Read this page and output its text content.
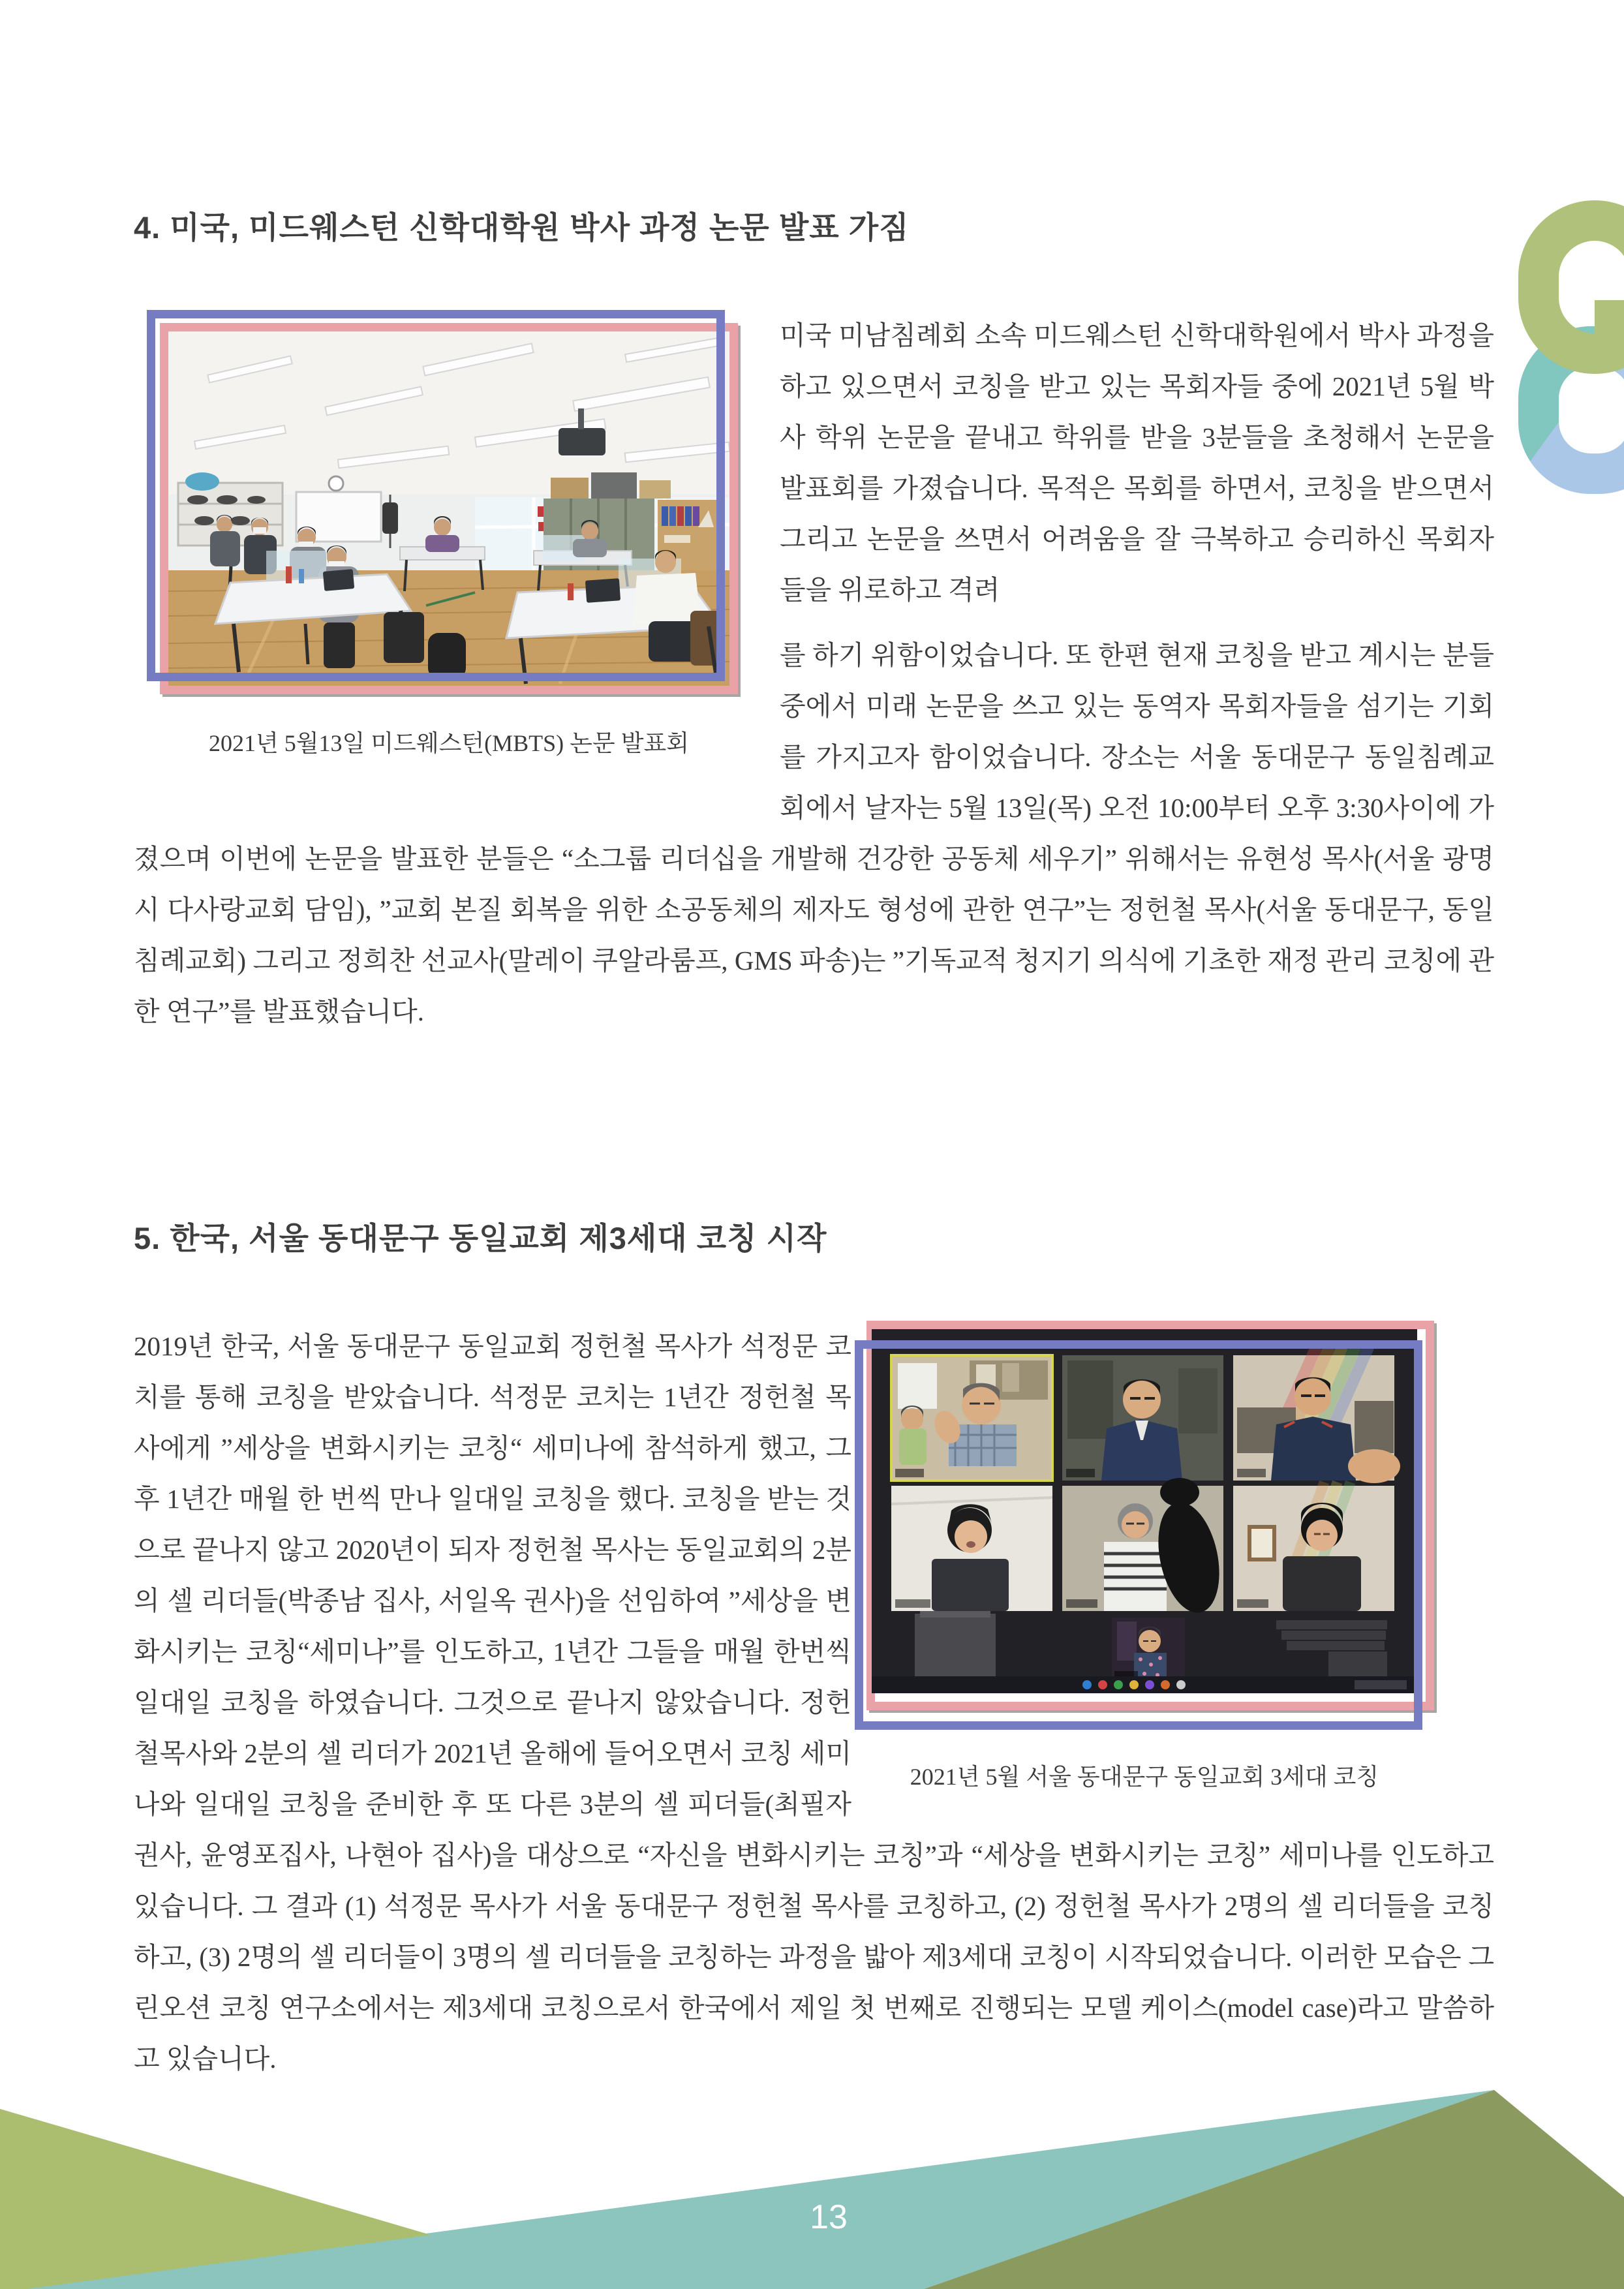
4. 미국, 미드웨스턴 신학대학원 박사 과정 논문 발표 가짐
2021년 5월13일 미드웨스턴(MBTS) 논문 발표회

미국 미남침례회 소속 미드웨스턴 신학대학원에서 박사 과정을 하고 있으면서 코칭을 받고 있는 목회자들 중에 2021년 5월 박사 학위 논문을 끝내고 학위를 받을 3분들을 초청해서 논문을 발표회를 가졌습니다. 목적은 목회를 하면서, 코칭을 받으면서 그리고 논문을 쓰면서 어려움을 잘 극복하고 승리하신 목회자들을 위로하고 격려

를 하기 위함이었습니다. 또 한편 현재 코칭을 받고 계시는 분들 중에서 미래 논문을 쓰고 있는 동역자 목회자들을 섬기는 기회를 가지고자 함이었습니다. 장소는 서울 동대문구 동일침례교회에서 날자는 5월 13일(목) 오전 10:00부터 오후 3:30사이에 가졌으며 이번에 논문을 발표한 분들은 “소그룹 리더십을 개발해 건강한 공동체 세우기” 위해서는 유현성 목사(서울 광명시 다사랑교회 담임), ”교회 본질 회복을 위한 소공동체의 제자도 형성에 관한 연구”는 정헌철 목사(서울 동대문구, 동일침례교회) 그리고 정희찬 선교사(말레이 쿠알라룸프, GMS 파송)는 ”기독교적 청지기 의식에 기초한 재정 관리 코칭에 관한 연구”를 발표했습니다.

5. 한국, 서울 동대문구 동일교회 제3세대 코칭 시작
2021년 5월 서울 동대문구 동일교회 3세대 코칭

2019년 한국, 서울 동대문구 동일교회 정헌철 목사가 석정문 코치를 통해 코칭을 받았습니다. 석정문 코치는 1년간 정헌철 목사에게 ”세상을 변화시키는 코칭“ 세미나에 참석하게 했고, 그 후 1년간 매월 한 번씩 만나 일대일 코칭을 했다. 코칭을 받는 것으로 끝나지 않고 2020년이 되자 정헌철 목사는 동일교회의 2분의 셀 리더들(박종남 집사, 서일옥 권사)을 선임하여 ”세상을 변화시키는 코칭“세미나”를 인도하고, 1년간 그들을 매월 한번씩 일대일 코칭을 하였습니다. 그것으로 끝나지 않았습니다. 정헌철목사와 2분의 셀 리더가 2021년 올해에 들어오면서 코칭 세미나와 일대일 코칭을 준비한 후 또 다른 3분의 셀 피더들(최필자 권사, 윤영포집사, 나현아 집사)을 대상으로 “자신을 변화시키는 코칭”과 “세상을 변화시키는 코칭” 세미나를 인도하고 있습니다. 그 결과 (1) 석정문 목사가 서울 동대문구 정헌철 목사를 코칭하고, (2) 정헌철 목사가 2명의 셀 리더들을 코칭하고, (3) 2명의 셀 리더들이 3명의 셀 리더들을 코칭하는 과정을 밟아 제3세대 코칭이 시작되었습니다. 이러한 모습은 그린오션 코칭 연구소에서는 제3세대 코칭으로서 한국에서 제일 첫 번째로 진행되는 모델 케이스(model case)라고 말씀하고 있습니다.

13
